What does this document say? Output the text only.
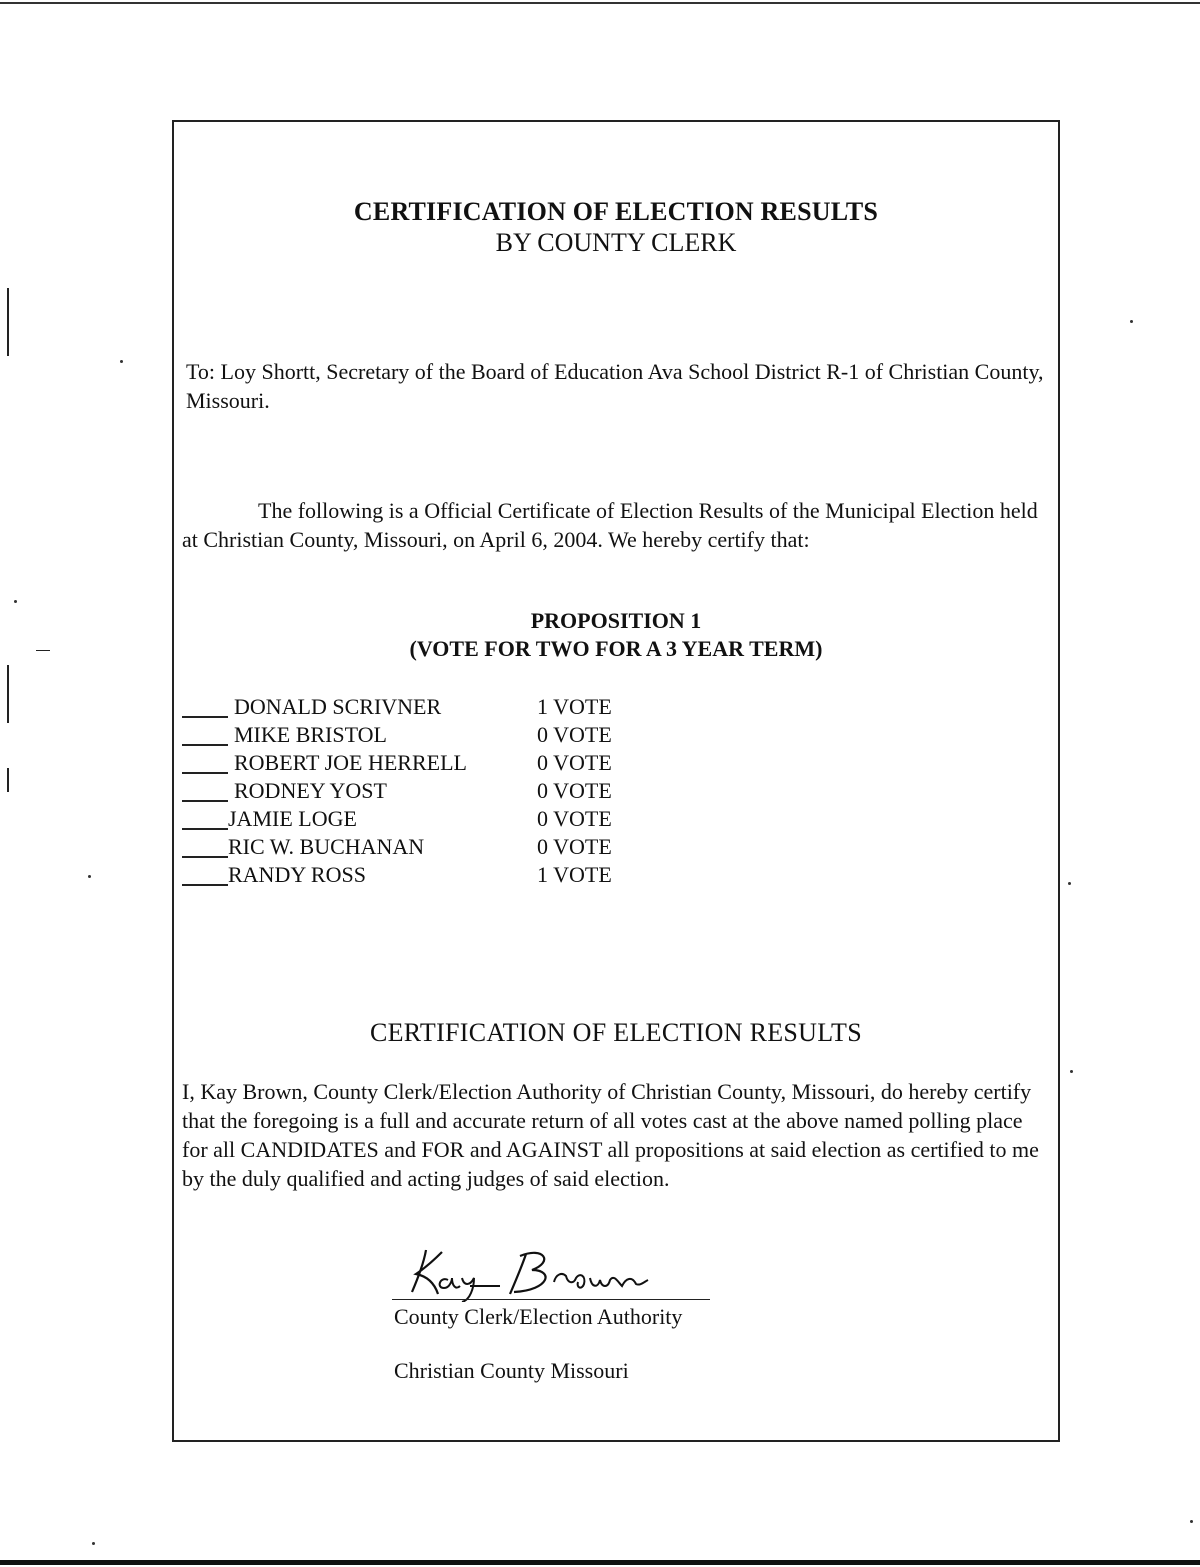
CERTIFICATION OF ELECTION RESULTS
BY COUNTY CLERK
To: Loy Shortt, Secretary of the Board of Education Ava School District R-1 of Christian County, Missouri.
The following is a Official Certificate of Election Results of the Municipal Election held at Christian County, Missouri, on April 6, 2004. We hereby certify that:
PROPOSITION 1
(VOTE FOR TWO FOR A 3 YEAR TERM)
DONALD SCRIVNER	1 VOTE
MIKE BRISTOL	0 VOTE
ROBERT JOE HERRELL	0 VOTE
RODNEY YOST	0 VOTE
JAMIE LOGE	0 VOTE
RIC W. BUCHANAN	0 VOTE
RANDY ROSS	1 VOTE
CERTIFICATION OF ELECTION RESULTS
I, Kay Brown, County Clerk/Election Authority of Christian County, Missouri, do hereby certify that the foregoing is a full and accurate return of all votes cast at the above named polling place for all CANDIDATES and FOR and AGAINST all propositions at said election as certified to me by the duly qualified and acting judges of said election.
County Clerk/Election Authority
Christian County Missouri
